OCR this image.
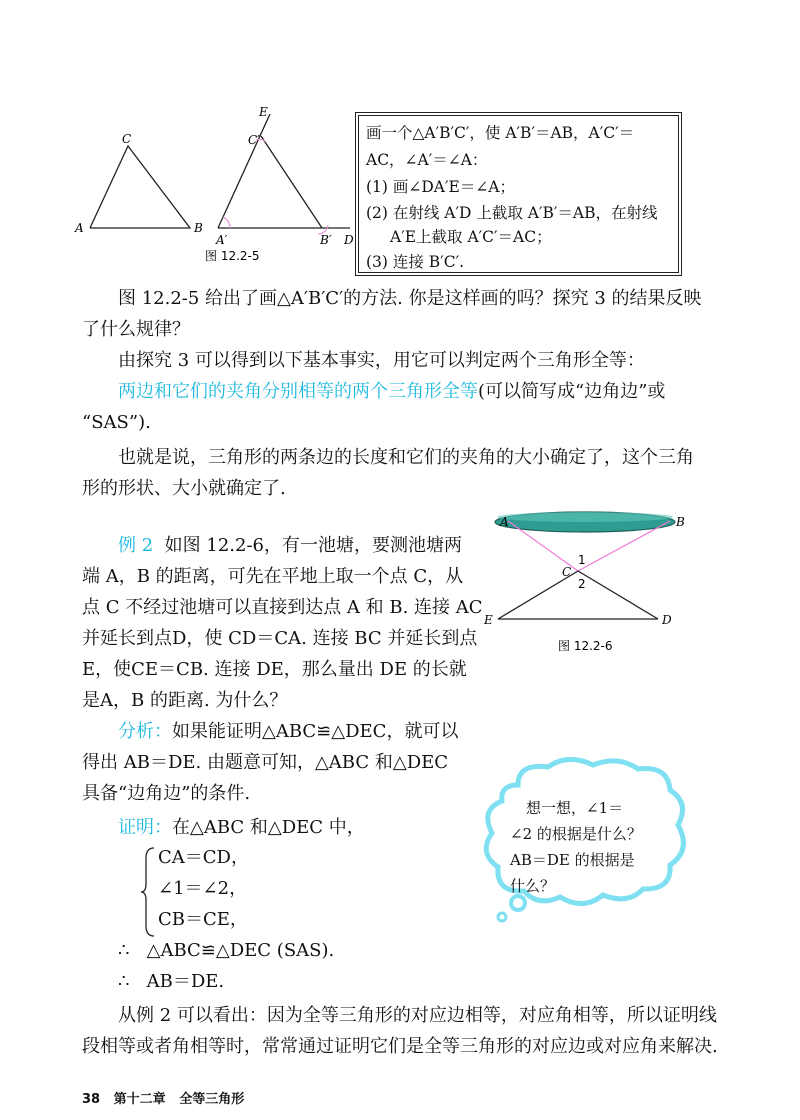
A	B
C
A′	B′
C′
D
E
图 12.2-5
画一个△A′B′C′，使 A′B′＝AB，A′C′＝
AC，∠A′＝∠A：
(1) 画∠DA′E＝∠A；
(2) 在射线 A′D 上截取 A′B′＝AB，在射线
A′E上截取 A′C′＝AC；
(3) 连接 B′C′.
图 12.2-5 给出了画△A′B′C′的方法. 你是这样画的吗？探究 3 的结果反映
了什么规律？
由探究 3 可以得到以下基本事实，用它可以判定两个三角形全等：
两边和它们的夹角分别相等的两个三角形全等(可以简写成“边角边”或
“SAS”).
也就是说，三角形的两条边的长度和它们的夹角的大小确定了，这个三角
形的形状、大小就确定了.
例 2 如图 12.2-6，有一池塘，要测池塘两
端 A，B 的距离，可先在平地上取一个点 C，从
点 C 不经过池塘可以直接到达点 A 和 B. 连接 AC
并延长到点D，使 CD＝CA. 连接 BC 并延长到点
E，使CE＝CB. 连接 DE，那么量出 DE 的长就
是A，B 的距离. 为什么？
A	B
C
1
2
E	D
图 12.2-6
分析：如果能证明△ABC≌△DEC，就可以
得出 AB＝DE. 由题意可知，△ABC 和△DEC
具备“边角边”的条件.
证明：在△ABC 和△DEC 中，
CA＝CD，
∠1＝∠2，
CB＝CE，
∴ △ABC≌△DEC (SAS).
∴ AB＝DE.
想一想，∠1＝
∠2 的根据是什么？
AB＝DE 的根据是
什么？
从例 2 可以看出：因为全等三角形的对应边相等，对应角相等，所以证明线
段相等或者角相等时，常常通过证明它们是全等三角形的对应边或对应角来解决.
38 第十二章 全等三角形
